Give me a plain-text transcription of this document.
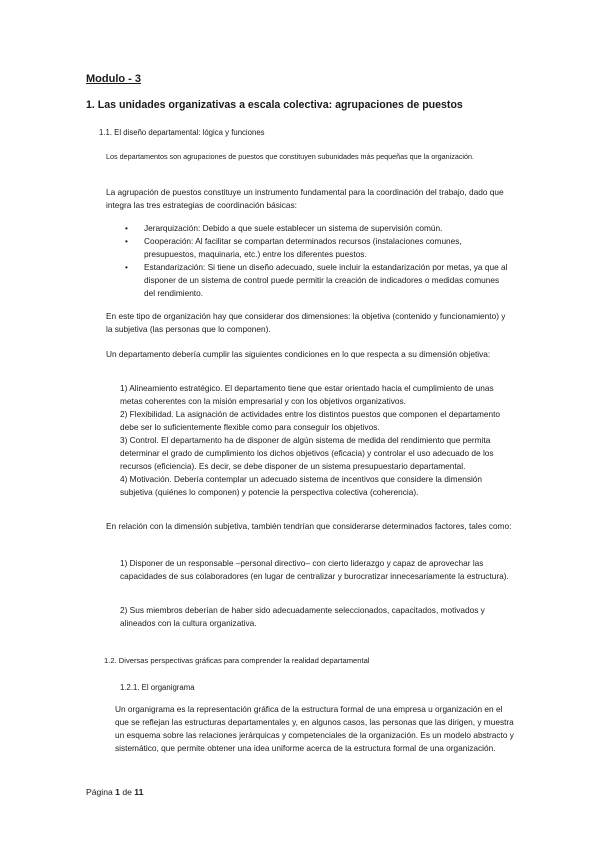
Modulo - 3

1. Las unidades organizativas a escala colectiva: agrupaciones de puestos

1.1. El diseño departamental: lógica y funciones

Los departamentos son agrupaciones de puestos que constituyen subunidades más pequeñas que la organización.

La agrupación de puestos constituye un instrumento fundamental para la coordinación del trabajo, dado que integra las tres estrategias de coordinación básicas:

• Jerarquización: Debido a que suele establecer un sistema de supervisión común.
• Cooperación: Al facilitar se compartan determinados recursos (instalaciones comunes, presupuestos, maquinaria, etc.) entre los diferentes puestos.
• Estandarización: Si tiene un diseño adecuado, suele incluir la estandarización por metas, ya que al disponer de un sistema de control puede permitir la creación de indicadores o medidas comunes del rendimiento.

En este tipo de organización hay que considerar dos dimensiones: la objetiva (contenido y funcionamiento) y la subjetiva (las personas que lo componen).

Un departamento debería cumplir las siguientes condiciones en lo que respecta a su dimensión objetiva:

1) Alineamiento estratégico. El departamento tiene que estar orientado hacia el cumplimiento de unas metas coherentes con la misión empresarial y con los objetivos organizativos.
2) Flexibilidad. La asignación de actividades entre los distintos puestos que componen el departamento debe ser lo suficientemente flexible como para conseguir los objetivos.
3) Control. El departamento ha de disponer de algún sistema de medida del rendimiento que permita determinar el grado de cumplimiento los dichos objetivos (eficacia) y controlar el uso adecuado de los recursos (eficiencia). Es decir, se debe disponer de un sistema presupuestario departamental.
4) Motivación. Debería contemplar un adecuado sistema de incentivos que considere la dimensión subjetiva (quiénes lo componen) y potencie la perspectiva colectiva (coherencia).

En relación con la dimensión subjetiva, también tendrían que considerarse determinados factores, tales como:

1) Disponer de un responsable –personal directivo– con cierto liderazgo y capaz de aprovechar las capacidades de sus colaboradores (en lugar de centralizar y burocratizar innecesariamente la estructura).

2) Sus miembros deberían de haber sido adecuadamente seleccionados, capacitados, motivados y alineados con la cultura organizativa.

1.2. Diversas perspectivas gráficas para comprender la realidad departamental

1.2.1. El organigrama

Un organigrama es la representación gráfica de la estructura formal de una empresa u organización en el que se reflejan las estructuras departamentales y, en algunos casos, las personas que las dirigen, y muestra un esquema sobre las relaciones jerárquicas y competenciales de la organización. Es un modelo abstracto y sistemático, que permite obtener una idea uniforme acerca de la estructura formal de una organización.

Página 1 de 11
